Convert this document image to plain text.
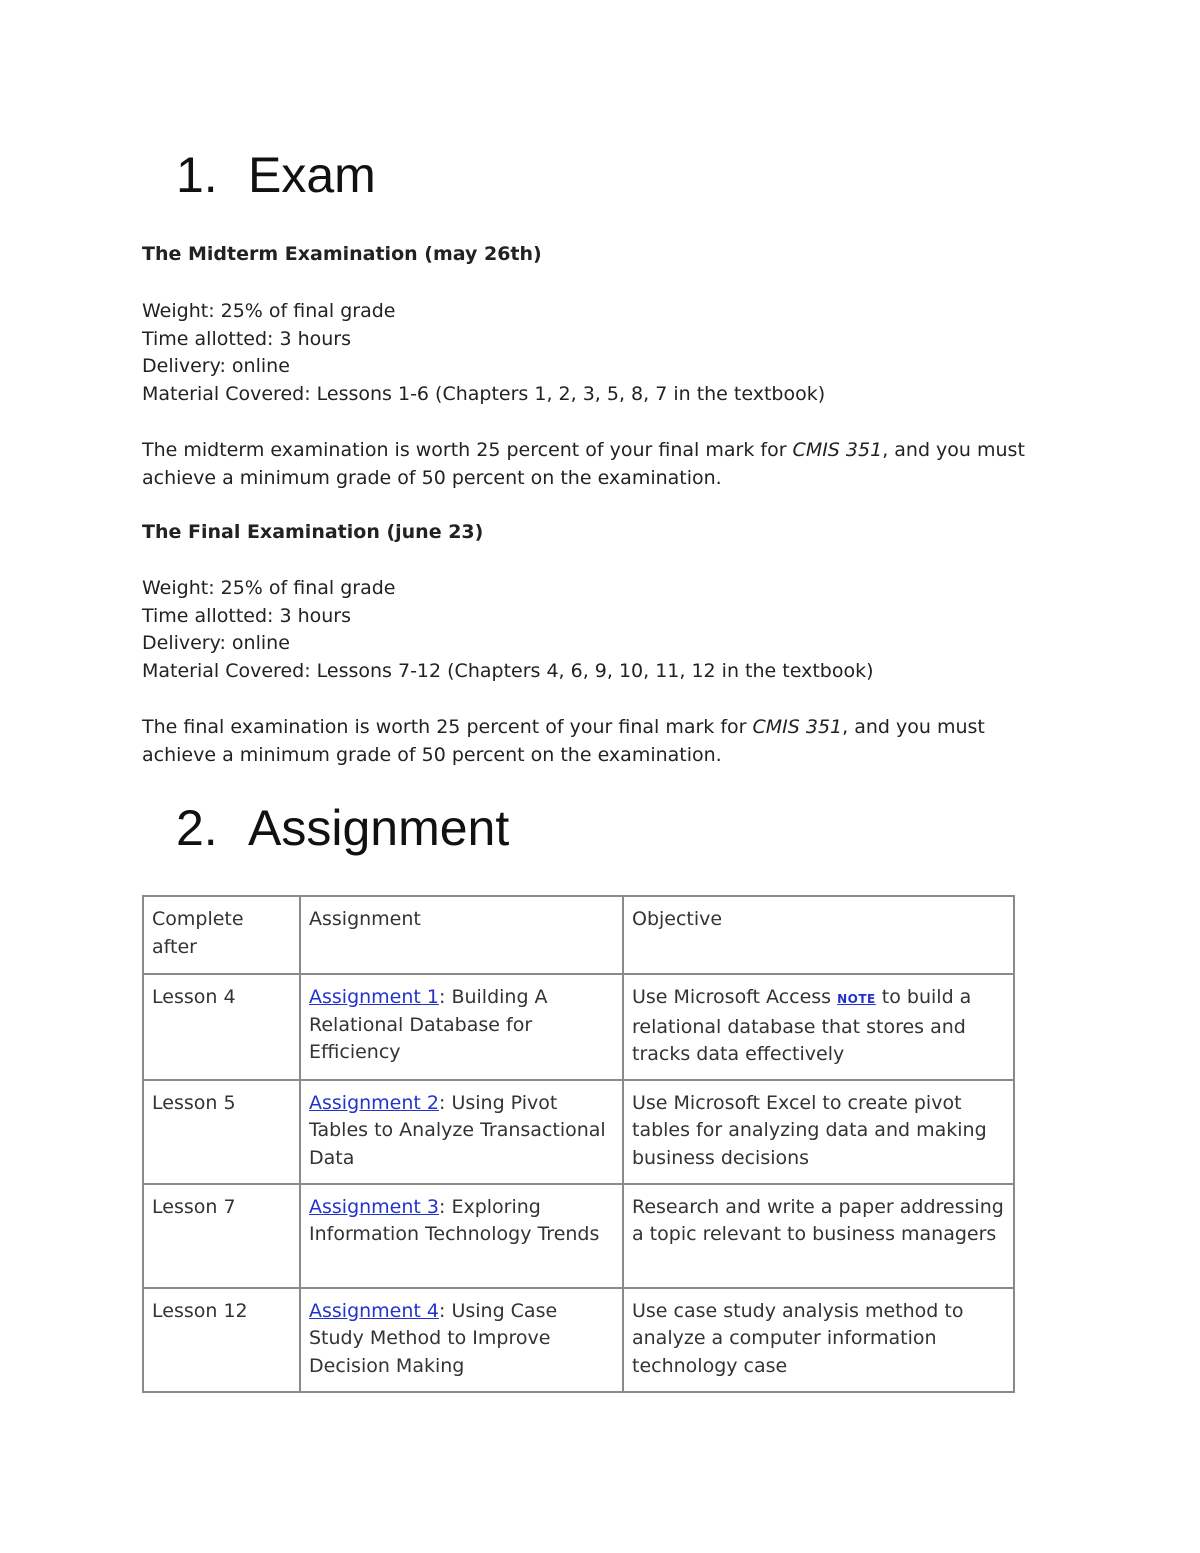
1. Exam

The Midterm Examination (may 26th)

Weight: 25% of final grade
Time allotted: 3 hours
Delivery: online
Material Covered: Lessons 1-6 (Chapters 1, 2, 3, 5, 8, 7 in the textbook)

The midterm examination is worth 25 percent of your final mark for CMIS 351, and you must achieve a minimum grade of 50 percent on the examination.

The Final Examination (june 23)

Weight: 25% of final grade
Time allotted: 3 hours
Delivery: online
Material Covered: Lessons 7-12 (Chapters 4, 6, 9, 10, 11, 12 in the textbook)

The final examination is worth 25 percent of your final mark for CMIS 351, and you must achieve a minimum grade of 50 percent on the examination.

2. Assignment
Complete after	Assignment	Objective
Lesson 4	Assignment 1: Building A Relational Database for Efficiency	Use Microsoft Access NOTE to build a relational database that stores and tracks data effectively
Lesson 5	Assignment 2: Using Pivot Tables to Analyze Transactional Data	Use Microsoft Excel to create pivot tables for analyzing data and making business decisions
Lesson 7	Assignment 3: Exploring Information Technology Trends	Research and write a paper addressing a topic relevant to business managers
Lesson 12	Assignment 4: Using Case Study Method to Improve Decision Making	Use case study analysis method to analyze a computer information technology case
